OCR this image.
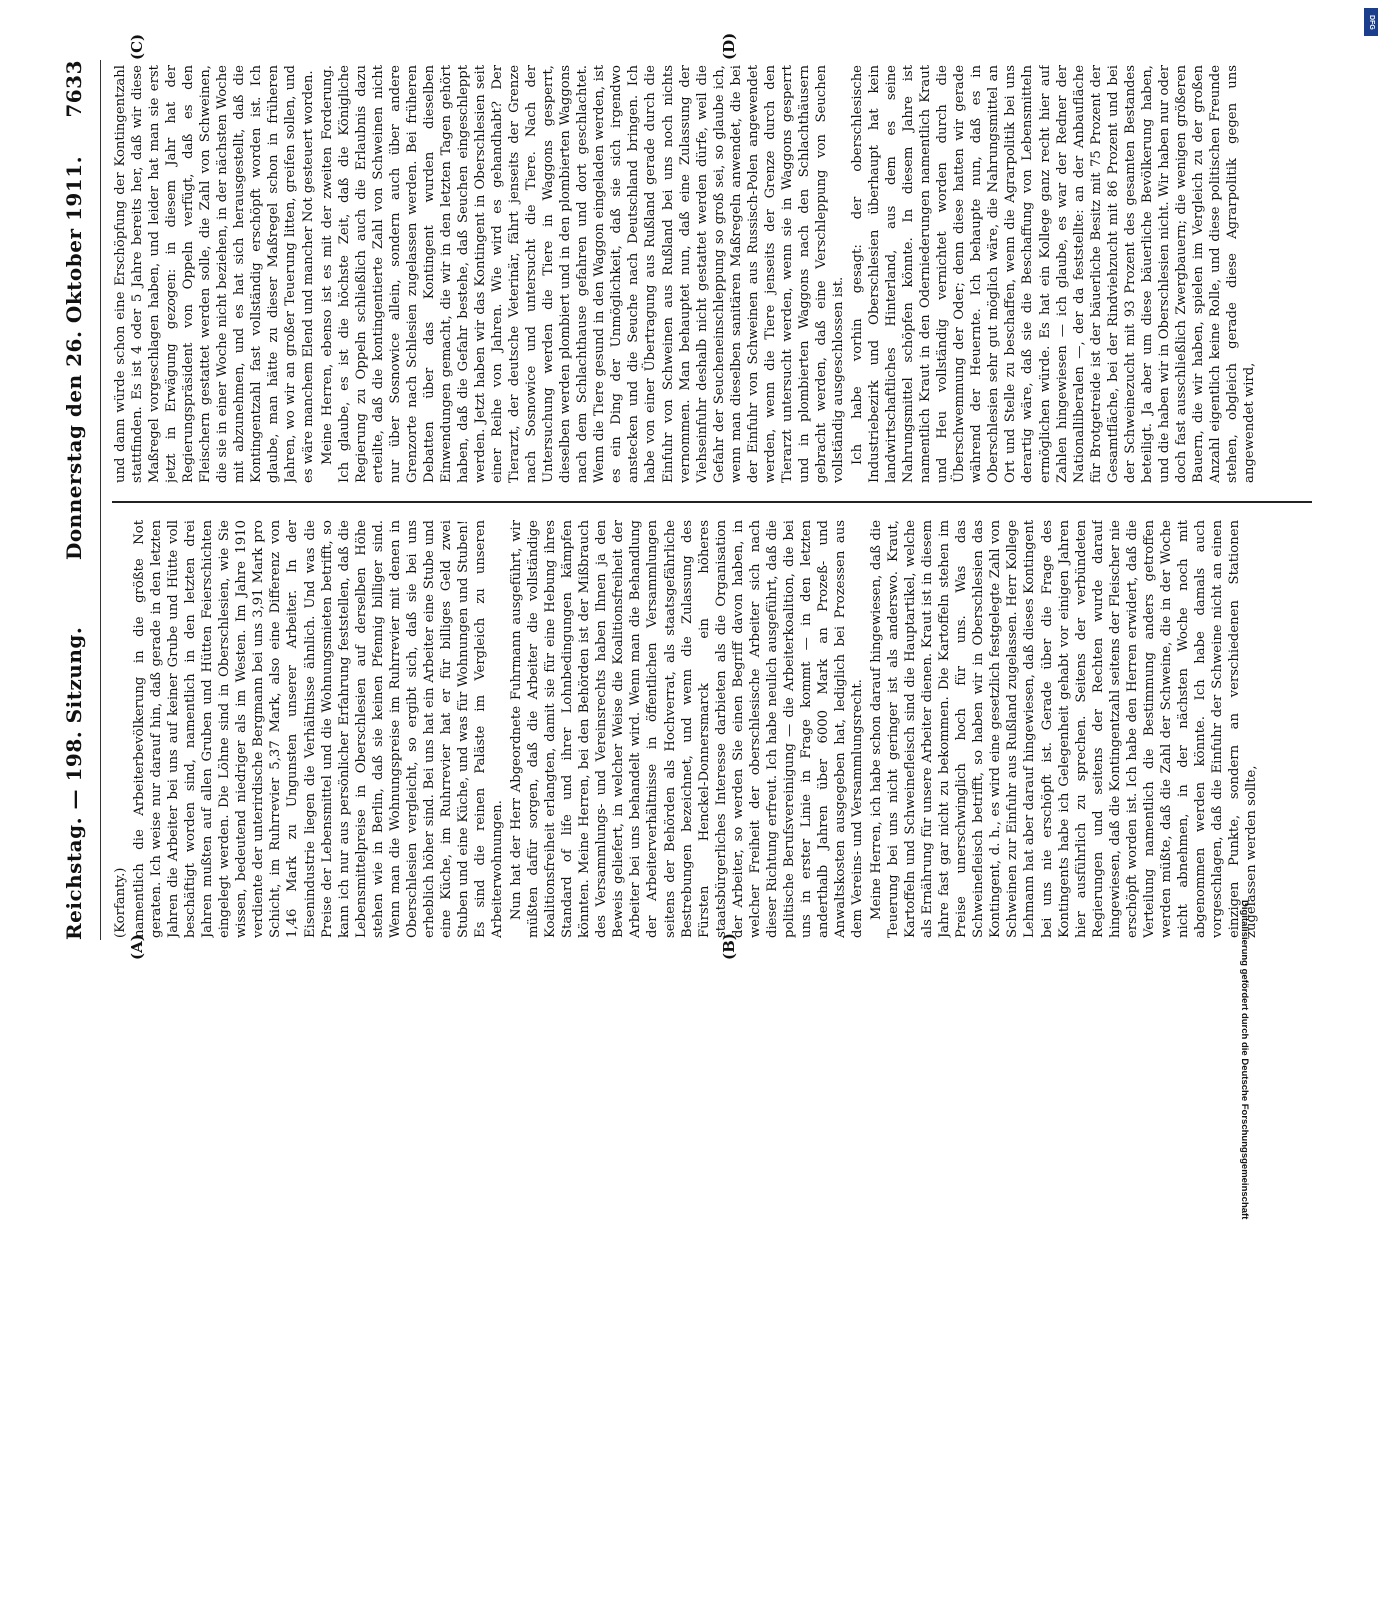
Reichstag. — 198. Sitzung.
Donnerstag den 26. Oktober 1911.
7633
(A)	(B)
(C)	(D)

(Korfanty.) namentlich die Arbeiterbevölkerung in die größte Not geraten. Ich weise nur darauf hin, daß gerade in den letzten Jahren die Arbeiter bei uns auf keiner Grube und Hütte voll beschäftigt worden sind, namentlich in den letzten drei Jahren mußten auf allen Gruben und Hütten Feierschichten eingelegt werden. Die Löhne sind in Oberschlesien, wie Sie wissen, bedeutend niedriger als im Westen. Im Jahre 1910 verdiente der unterirdische Bergmann bei uns 3,91 Mark pro Schicht, im Ruhrrevier 5,37 Mark, also eine Differenz von 1,46 Mark zu Ungunsten unserer Arbeiter. In der Eisenindustrie liegen die Verhältnisse ähnlich. Und was die Preise der Lebensmittel und die Wohnungsmieten betrifft, so kann ich nur aus persönlicher Erfahrung feststellen, daß die Lebensmittelpreise in Oberschlesien auf derselben Höhe stehen wie in Berlin, daß sie keinen Pfennig billiger sind. Wenn man die Wohnungspreise im Ruhrrevier mit denen in Oberschlesien vergleicht, so ergibt sich, daß sie bei uns erheblich höher sind. Bei uns hat ein Arbeiter eine Stube und eine Küche, im Ruhrrevier hat er für billiges Geld zwei Stuben und eine Küche, und was für Wohnungen und Stuben! Es sind die reinen Paläste im Vergleich zu unseren Arbeiterwohnungen. Nun hat der Herr Abgeordnete Fuhrmann ausgeführt, wir müßten dafür sorgen, daß die Arbeiter die vollständige Koalitionsfreiheit erlangten, damit sie für eine Hebung ihres Standard of life und ihrer Lohnbedingungen kämpfen könnten. Meine Herren, bei den Behörden ist der Mißbrauch des Versammlungs- und Vereinsrechts haben Ihnen ja den Beweis geliefert, in welcher Weise die Koalitionsfreiheit der Arbeiter bei uns behandelt wird. Wenn man die Behandlung der Arbeiterverhältnisse in öffentlichen Versammlungen seitens der Behörden als Hochverrat, als staatsgefährliche Bestrebungen bezeichnet, und wenn die Zulassung des Fürsten Henckel-Donnersmarck ein höheres staatsbürgerliches Interesse darbieten als die Organisation der Arbeiter, so werden Sie einen Begriff davon haben, in welcher Freiheit der oberschlesische Arbeiter sich nach dieser Richtung erfreut. Ich habe neulich ausgeführt, daß die politische Berufsvereinigung — die Arbeiterkoalition, die bei uns in erster Linie in Frage kommt — in den letzten anderthalb Jahren über 6000 Mark an Prozeß- und Anwaltskosten ausgegeben hat, lediglich bei Prozessen aus dem Vereins- und Versammlungsrecht. Meine Herren, ich habe schon darauf hingewiesen, daß die Teuerung bei uns nicht geringer ist als anderswo. Kraut, Kartoffeln und Schweinefleisch sind die Hauptartikel, welche als Ernährung für unsere Arbeiter dienen. Kraut ist in diesem Jahre fast gar nicht zu bekommen. Die Kartoffeln stehen im Preise unerschwinglich hoch für uns. Was das Schweinefleisch betrifft, so haben wir in Oberschlesien das Kontingent, d. h., es wird eine gesetzlich festgelegte Zahl von Schweinen zur Einfuhr aus Rußland zugelassen. Herr Kollege Lehmann hat aber darauf hingewiesen, daß dieses Kontingent bei uns nie erschöpft ist. Gerade über die Frage des Kontingents habe ich Gelegenheit gehabt vor einigen Jahren hier ausführlich zu sprechen. Seitens der verbündeten Regierungen und seitens der Rechten wurde darauf hingewiesen, daß die Kontingentzahl seitens der Fleischer nie erschöpft worden ist. Ich habe den Herren erwidert, daß die Verteilung namentlich die Bestimmung anders getroffen werden müßte, daß die Zahl der Schweine, die in der Woche nicht abnehmen, in der nächsten Woche noch mit abgenommen werden könnte. Ich habe damals auch vorgeschlagen, daß die Einfuhr der Schweine nicht an einen einzigen Punkte, sondern an verschiedenen Stationen zugelassen werden sollte,

und dann würde schon eine Erschöpfung der Kontingentzahl stattfinden. Es ist 4 oder 5 Jahre bereits her, daß wir diese Maßregel vorgeschlagen haben, und leider hat man sie erst jetzt in Erwägung gezogen: in diesem Jahr hat der Regierungspräsident von Oppeln verfügt, daß es den Fleischern gestattet werden solle, die Zahl von Schweinen, die sie in einer Woche nicht beziehen, in der nächsten Woche mit abzunehmen, und es hat sich herausgestellt, daß die Kontingentzahl fast vollständig erschöpft worden ist. Ich glaube, man hätte zu dieser Maßregel schon in früheren Jahren, wo wir an großer Teuerung litten, greifen sollen, und es wäre manchem Elend und mancher Not gesteuert worden. Meine Herren, ebenso ist es mit der zweiten Forderung. Ich glaube, es ist die höchste Zeit, daß die Königliche Regierung zu Oppeln schließlich auch die Erlaubnis dazu erteilte, daß die kontingentierte Zahl von Schweinen nicht nur über Sosnowice allein, sondern auch über andere Grenzorte nach Schlesien zugelassen werden. Bei früheren Debatten über das Kontingent wurden dieselben Einwendungen gemacht, die wir in den letzten Tagen gehört haben, daß die Gefahr bestehe, daß Seuchen eingeschleppt werden. Jetzt haben wir das Kontingent in Oberschlesien seit einer Reihe von Jahren. Wie wird es gehandhabt? Der Tierarzt, der deutsche Veterinär, fährt jenseits der Grenze nach Sosnowice und untersucht die Tiere. Nach der Untersuchung werden die Tiere in Waggons gesperrt, dieselben werden plombiert und in den plombierten Waggons nach dem Schlachthause gefahren und dort geschlachtet. Wenn die Tiere gesund in den Waggon eingeladen werden, ist es ein Ding der Unmöglichkeit, daß sie sich irgendwo anstecken und die Seuche nach Deutschland bringen. Ich habe von einer Übertragung aus Rußland gerade durch die Einfuhr von Schweinen aus Rußland bei uns noch nichts vernommen. Man behauptet nun, daß eine Zulassung der Viehseinfuhr deshalb nicht gestattet werden dürfe, weil die Gefahr der Seucheneinschleppung so groß sei, so glaube ich, wenn man dieselben sanitären Maßregeln anwendet, die bei der Einfuhr von Schweinen aus Russisch-Polen angewendet werden, wenn die Tiere jenseits der Grenze durch den Tierarzt untersucht werden, wenn sie in Waggons gesperrt und in plombierten Waggons nach den Schlachthäusern gebracht werden, daß eine Verschleppung von Seuchen vollständig ausgeschlossen ist. Ich habe vorhin gesagt: der oberschlesische Industriebezirk und Oberschlesien überhaupt hat kein landwirtschaftliches Hinterland, aus dem es seine Nahrungsmittel schöpfen könnte. In diesem Jahre ist namentlich Kraut in den Oderniederungen namentlich Kraut und Heu vollständig vernichtet worden durch die Überschwemmung der Oder; denn diese hatten wir gerade während der Heuernte. Ich behaupte nun, daß es in Oberschlesien sehr gut möglich wäre, die Nahrungsmittel an Ort und Stelle zu beschaffen, wenn die Agrarpolitik bei uns derartig wäre, daß sie die Beschaffung von Lebensmitteln ermöglichen würde. Es hat ein Kollege ganz recht hier auf Zahlen hingewiesen — ich glaube, es war der Redner der Nationalliberalen —, der da feststellte: an der Anbaufläche für Brotgetreide ist der bäuerliche Besitz mit 75 Prozent der Gesamtfläche, bei der Rindviehzucht mit 86 Prozent und bei der Schweinezucht mit 93 Prozent des gesamten Bestandes beteiligt. Ja aber um diese bäuerliche Bevölkerung haben, und die haben wir in Oberschlesien nicht. Wir haben nur oder doch fast ausschließlich Zwergbauern; die wenigen größeren Bauern, die wir haben, spielen im Vergleich zu der großen Anzahl eigentlich keine Rolle, und diese politischen Freunde stehen, obgleich gerade diese Agrarpolitik gegen uns angewendet wird,

Digitalisierung gefördert durch die Deutsche Forschungsgemeinschaft
DFG
